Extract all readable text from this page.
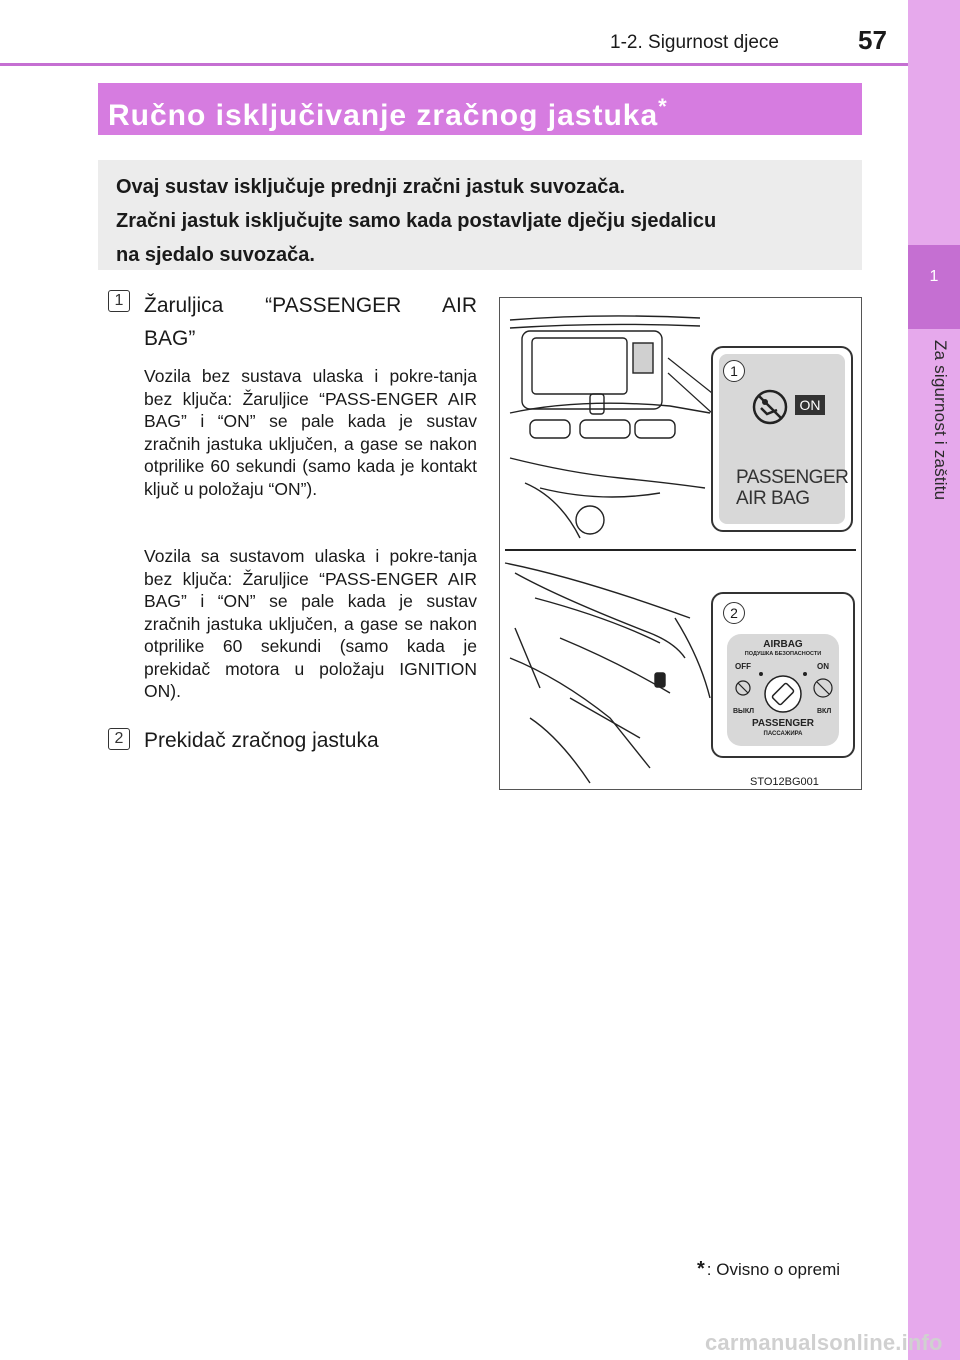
1
Za sigurnost i zaštitu
1-2. Sigurnost djece	57
Ručno isključivanje zračnog jastuka*
Ovaj sustav isključuje prednji zračni jastuk suvozača.
Zračni jastuk isključujte samo kada postavljate dječju sjedalicu
na sjedalo suvozača.
1 Žaruljica “PASSENGER AIR
BAG”
Vozila bez sustava ulaska i pokre-tanja bez ključa: Žaruljice “PASS-ENGER AIR BAG” i “ON” se pale kada je sustav zračnih jastuka uključen, a gase se nakon otprilike 60 sekundi (samo kada je kontakt ključ u položaju “ON”).
Vozila sa sustavom ulaska i pokre-tanja bez ključa: Žaruljice “PASS-ENGER AIR BAG” i “ON” se pale kada je sustav zračnih jastuka uključen, a gase se nakon otprilike 60 sekundi (samo kada je prekidač motora u položaju IGNITION ON).
2 Prekidač zračnog jastuka
1
ON
PASSENGER
AIR BAG
2
AIRBAG
ПОДУШКА БЕЗОПАСНОСТИ
OFF	ON
ВЫКЛ	ВКЛ
PASSENGER
ПАССАЖИРА
STO12BG001
* : Ovisno o opremi
carmanualsonline.info
